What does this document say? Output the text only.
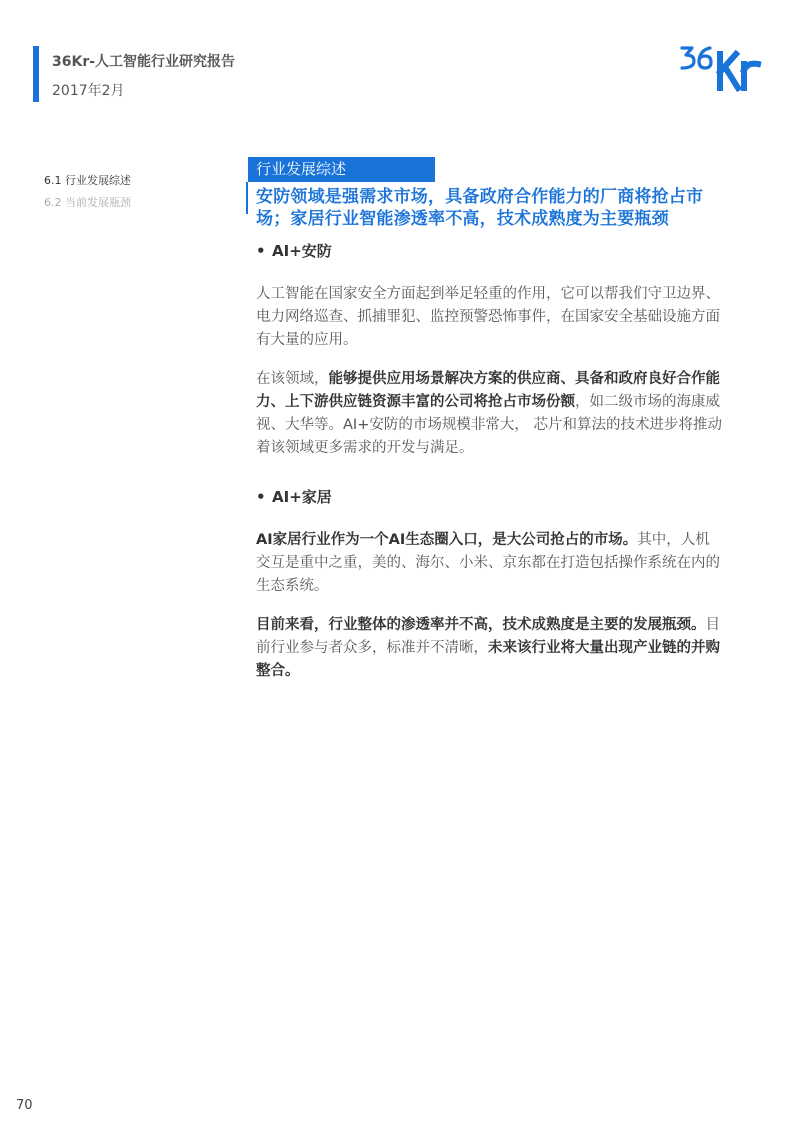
36Kr-人工智能行业研究报告
2017年2月
6.1 行业发展综述
6.2 当前发展瓶颈
行业发展综述
安防领域是强需求市场，具备政府合作能力的厂商将抢占市场；家居行业智能渗透率不高，技术成熟度为主要瓶颈
• AI+安防

人工智能在国家安全方面起到举足轻重的作用，它可以帮我们守卫边界、电力网络巡查、抓捕罪犯、监控预警恐怖事件，在国家安全基础设施方面有大量的应用。

在该领域，能够提供应用场景解决方案的供应商、具备和政府良好合作能力、上下游供应链资源丰富的公司将抢占市场份额，如二级市场的海康威视、大华等。AI+安防的市场规模非常大， 芯片和算法的技术进步将推动着该领域更多需求的开发与满足。

• AI+家居

AI家居行业作为一个AI生态圈入口，是大公司抢占的市场。其中，人机交互是重中之重，美的、海尔、小米、京东都在打造包括操作系统在内的生态系统。

目前来看，行业整体的渗透率并不高，技术成熟度是主要的发展瓶颈。目前行业参与者众多，标准并不清晰，未来该行业将大量出现产业链的并购整合。

70
